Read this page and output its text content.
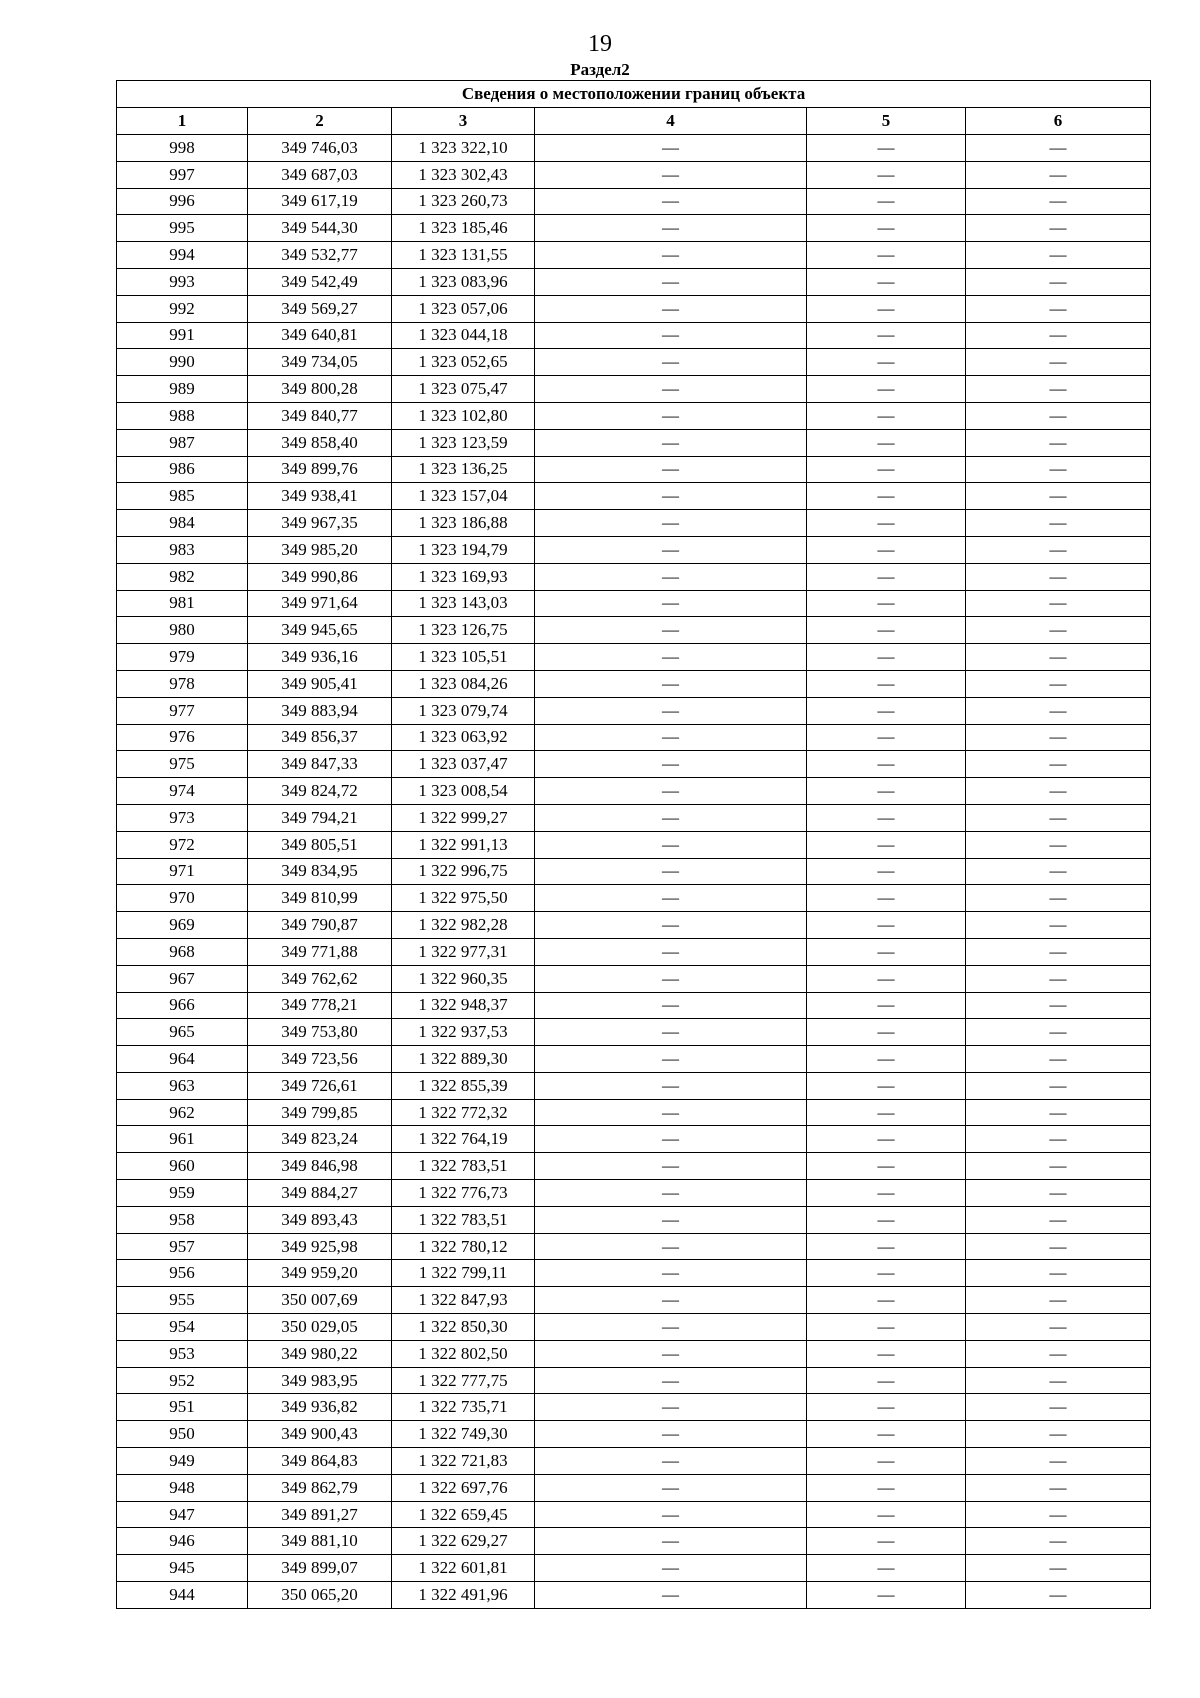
19
Раздел2
Сведения о местоположении границ объекта					
1	2	3	4	5	6
998	349 746,03	1 323 322,10	—	—	—
997	349 687,03	1 323 302,43	—	—	—
996	349 617,19	1 323 260,73	—	—	—
995	349 544,30	1 323 185,46	—	—	—
994	349 532,77	1 323 131,55	—	—	—
993	349 542,49	1 323 083,96	—	—	—
992	349 569,27	1 323 057,06	—	—	—
991	349 640,81	1 323 044,18	—	—	—
990	349 734,05	1 323 052,65	—	—	—
989	349 800,28	1 323 075,47	—	—	—
988	349 840,77	1 323 102,80	—	—	—
987	349 858,40	1 323 123,59	—	—	—
986	349 899,76	1 323 136,25	—	—	—
985	349 938,41	1 323 157,04	—	—	—
984	349 967,35	1 323 186,88	—	—	—
983	349 985,20	1 323 194,79	—	—	—
982	349 990,86	1 323 169,93	—	—	—
981	349 971,64	1 323 143,03	—	—	—
980	349 945,65	1 323 126,75	—	—	—
979	349 936,16	1 323 105,51	—	—	—
978	349 905,41	1 323 084,26	—	—	—
977	349 883,94	1 323 079,74	—	—	—
976	349 856,37	1 323 063,92	—	—	—
975	349 847,33	1 323 037,47	—	—	—
974	349 824,72	1 323 008,54	—	—	—
973	349 794,21	1 322 999,27	—	—	—
972	349 805,51	1 322 991,13	—	—	—
971	349 834,95	1 322 996,75	—	—	—
970	349 810,99	1 322 975,50	—	—	—
969	349 790,87	1 322 982,28	—	—	—
968	349 771,88	1 322 977,31	—	—	—
967	349 762,62	1 322 960,35	—	—	—
966	349 778,21	1 322 948,37	—	—	—
965	349 753,80	1 322 937,53	—	—	—
964	349 723,56	1 322 889,30	—	—	—
963	349 726,61	1 322 855,39	—	—	—
962	349 799,85	1 322 772,32	—	—	—
961	349 823,24	1 322 764,19	—	—	—
960	349 846,98	1 322 783,51	—	—	—
959	349 884,27	1 322 776,73	—	—	—
958	349 893,43	1 322 783,51	—	—	—
957	349 925,98	1 322 780,12	—	—	—
956	349 959,20	1 322 799,11	—	—	—
955	350 007,69	1 322 847,93	—	—	—
954	350 029,05	1 322 850,30	—	—	—
953	349 980,22	1 322 802,50	—	—	—
952	349 983,95	1 322 777,75	—	—	—
951	349 936,82	1 322 735,71	—	—	—
950	349 900,43	1 322 749,30	—	—	—
949	349 864,83	1 322 721,83	—	—	—
948	349 862,79	1 322 697,76	—	—	—
947	349 891,27	1 322 659,45	—	—	—
946	349 881,10	1 322 629,27	—	—	—
945	349 899,07	1 322 601,81	—	—	—
944	350 065,20	1 322 491,96	—	—	—
